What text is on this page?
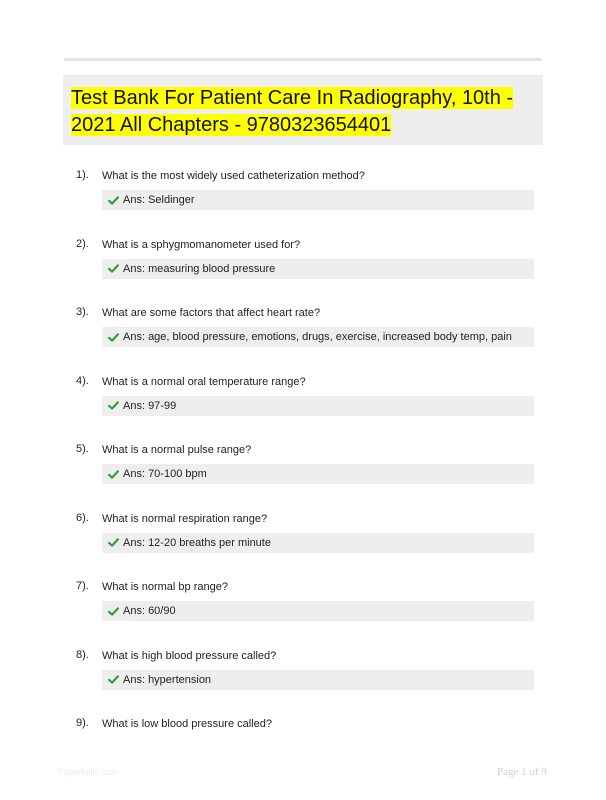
Test Bank For Patient Care In Radiography, 10th - 2021 All Chapters - 9780323654401
1). What is the most widely used catheterization method?
Ans: Seldinger
2). What is a sphygmomanometer used for?
Ans: measuring blood pressure
3). What are some factors that affect heart rate?
Ans: age, blood pressure, emotions, drugs, exercise, increased body temp, pain
4). What is a normal oral temperature range?
Ans: 97-99
5). What is a normal pulse range?
Ans: 70-100 bpm
6). What is normal respiration range?
Ans: 12-20 breaths per minute
7). What is normal bp range?
Ans: 60/90
8). What is high blood pressure called?
Ans: hypertension
9). What is low blood pressure called?
Paperfollic.com	Page 1 of 9
